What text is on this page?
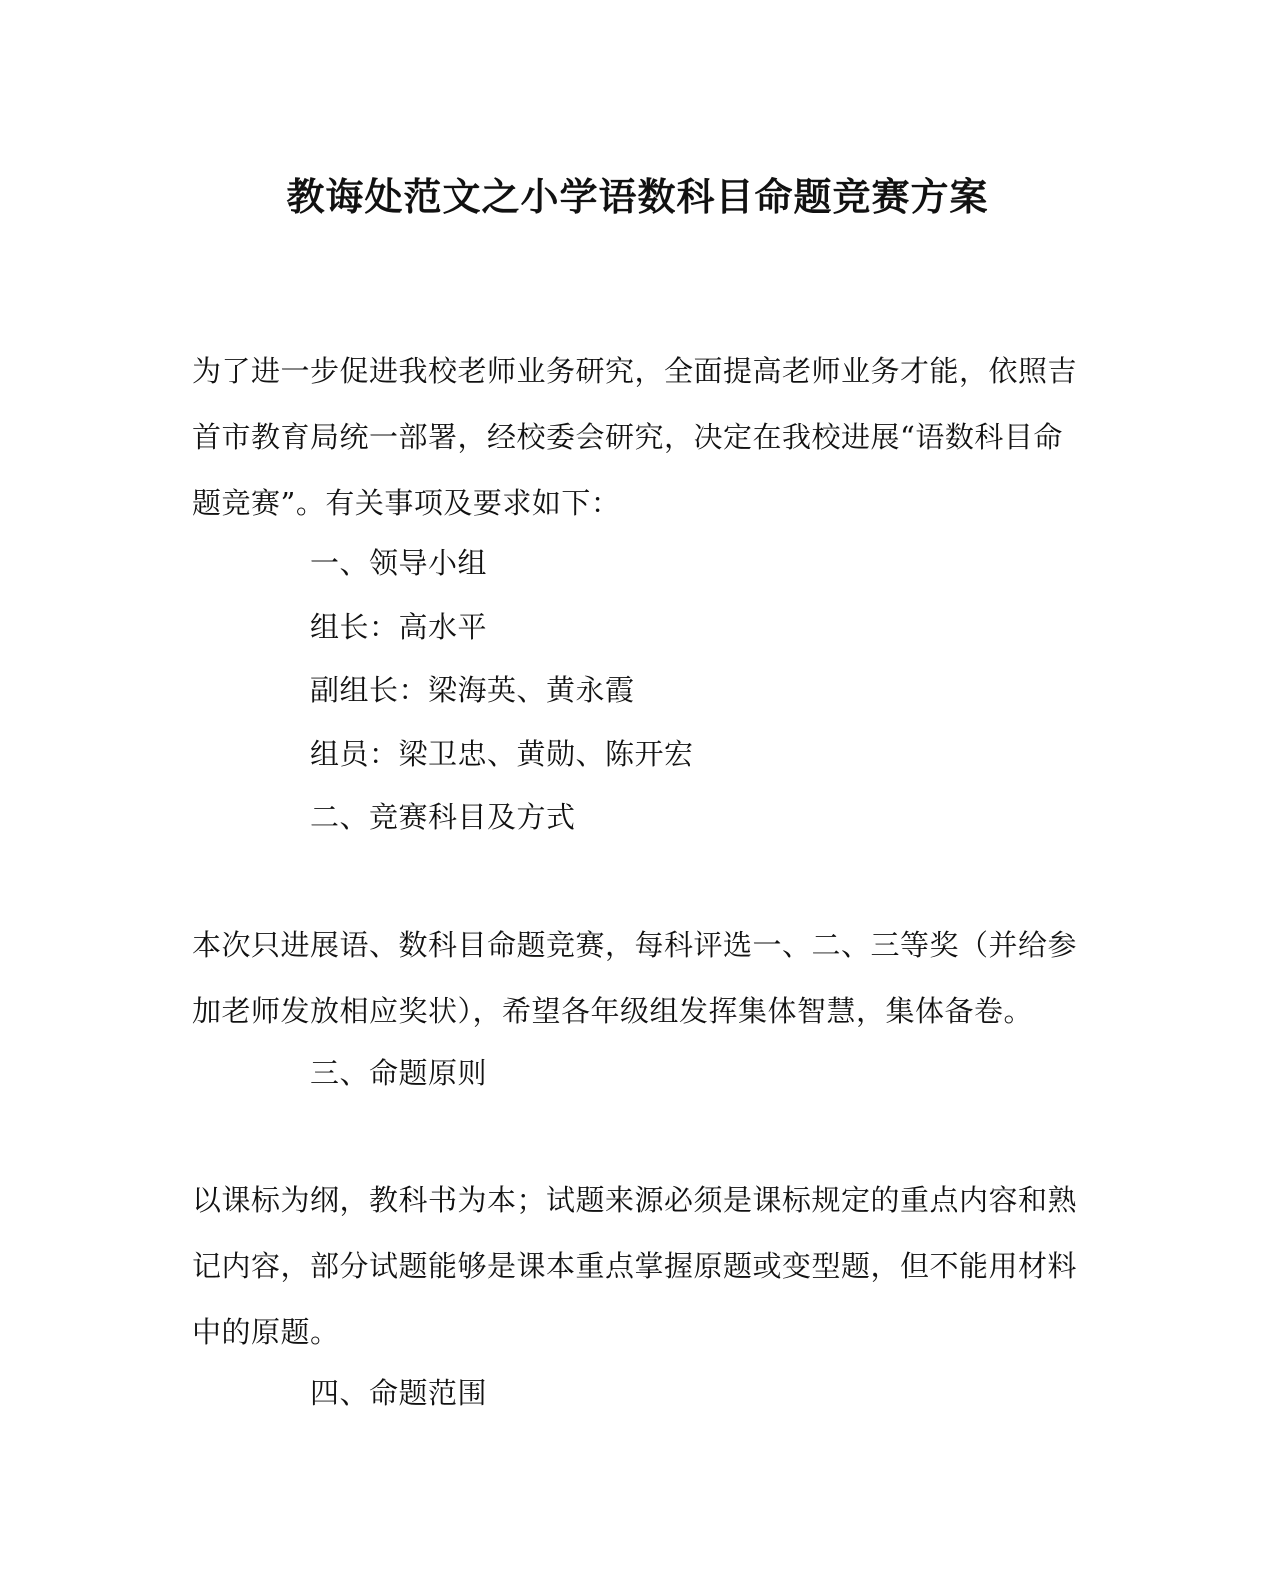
教诲处范文之小学语数科目命题竞赛方案

为了进一步促进我校老师业务研究，全面提高老师业务才能，依照吉首市教育局统一部署，经校委会研究，决定在我校进展“语数科目命题竞赛”。有关事项及要求如下：

一、领导小组

组长：高水平

副组长：梁海英、黄永霞

组员：梁卫忠、黄勋、陈开宏

二、竞赛科目及方式

本次只进展语、数科目命题竞赛，每科评选一、二、三等奖（并给参加老师发放相应奖状），希望各年级组发挥集体智慧，集体备卷。

三、命题原则

以课标为纲，教科书为本；试题来源必须是课标规定的重点内容和熟记内容，部分试题能够是课本重点掌握原题或变型题，但不能用材料中的原题。

四、命题范围
